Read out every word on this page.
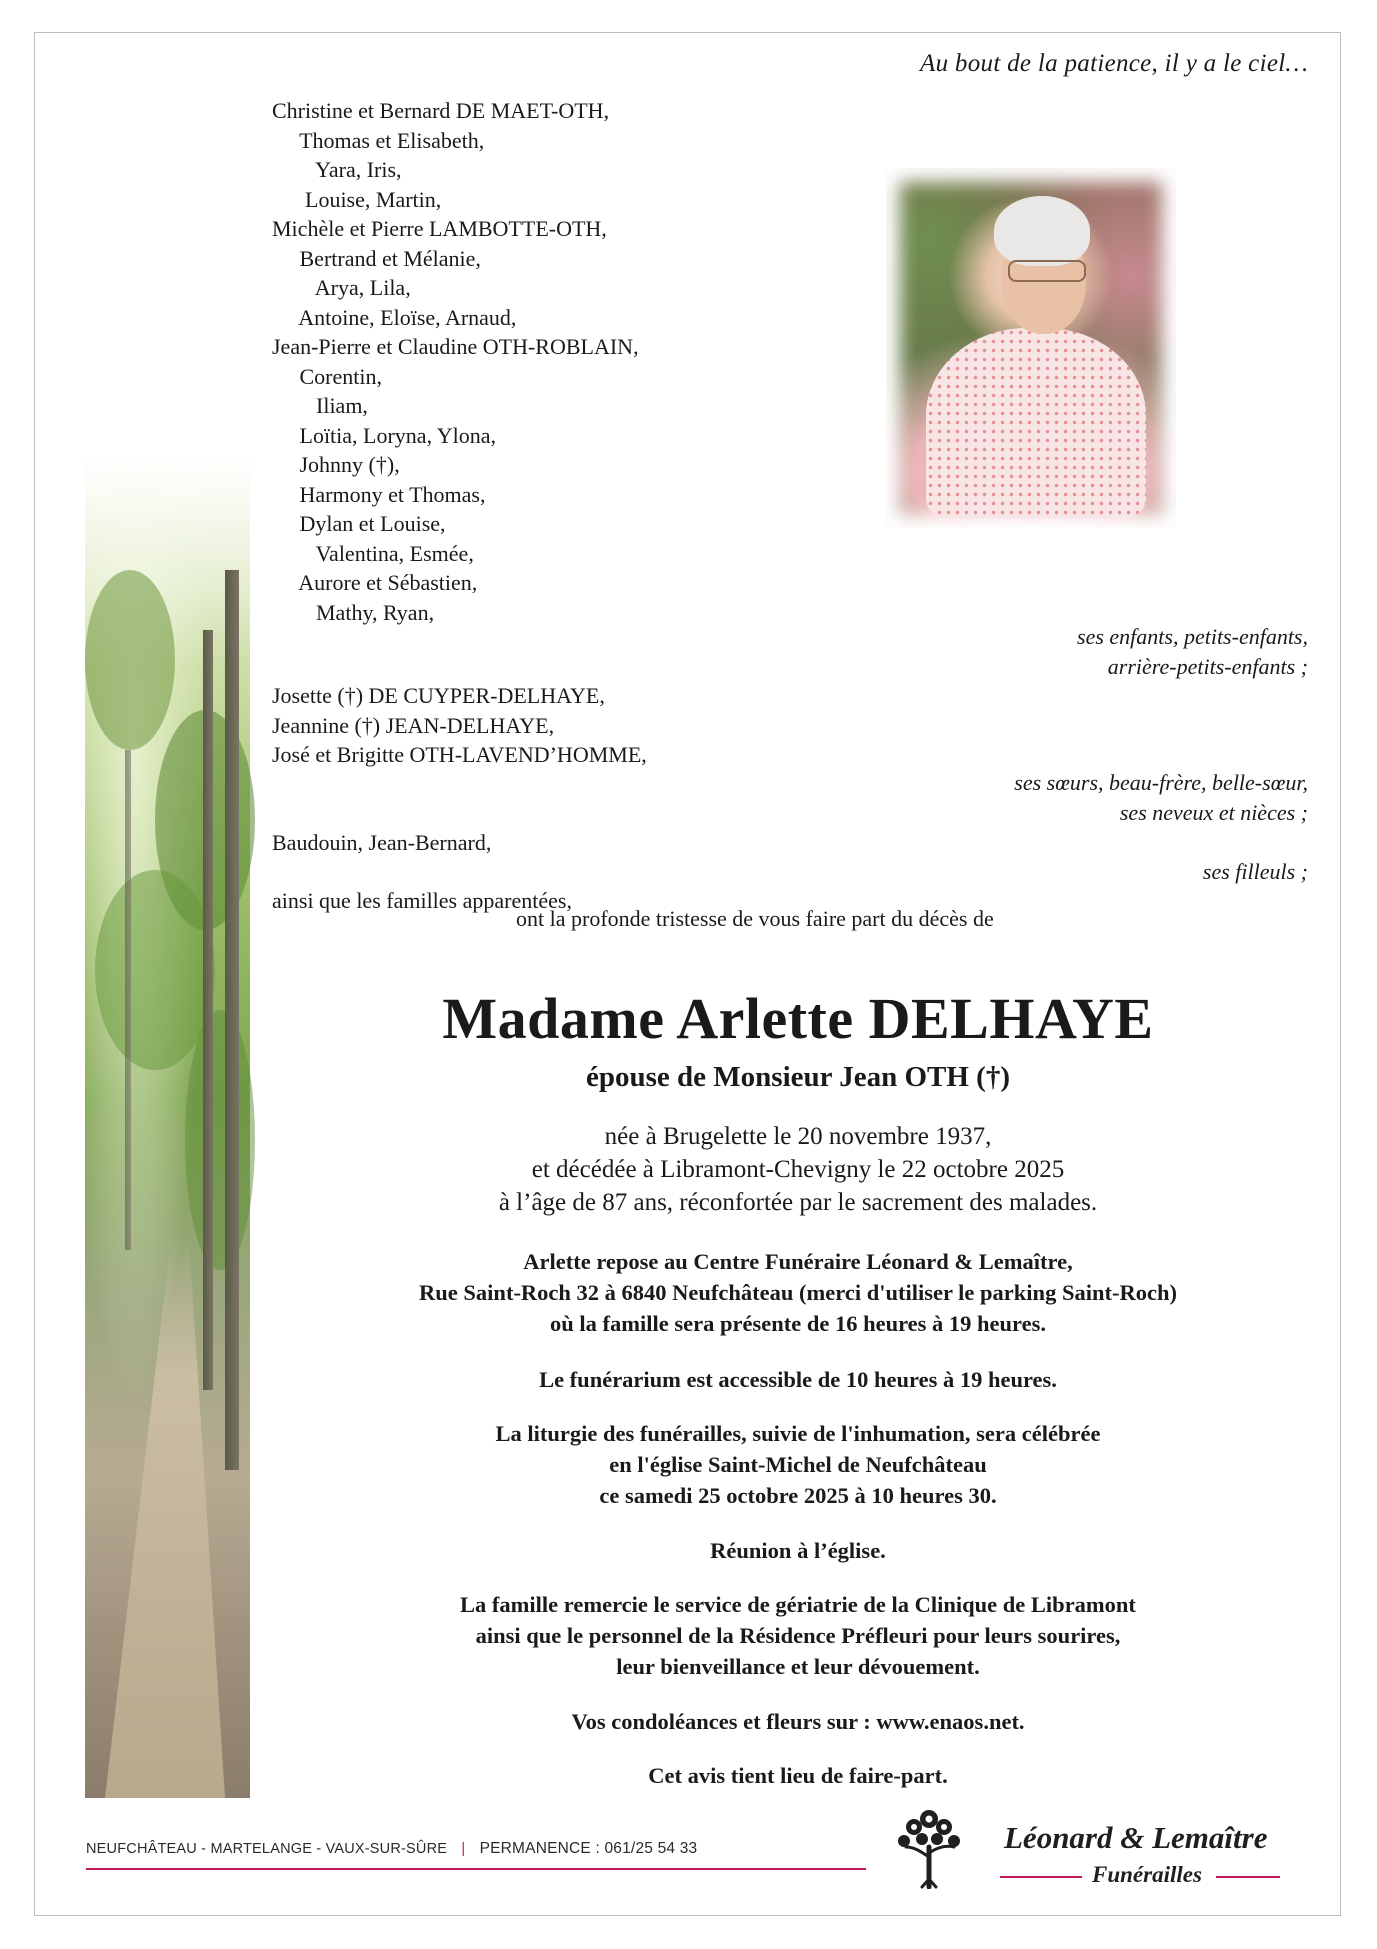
Au bout de la patience, il y a le ciel…
Christine et Bernard DE MAET-OTH,
Thomas et Elisabeth,
Yara, Iris,
Louise, Martin,
Michèle et Pierre LAMBOTTE-OTH,
Bertrand et Mélanie,
Arya, Lila,
Antoine, Eloïse, Arnaud,
Jean-Pierre et Claudine OTH-ROBLAIN,
Corentin,
Iliam,
Loïtia, Loryna, Ylona,
Johnny (†),
Harmony et Thomas,
Dylan et Louise,
Valentina, Esmée,
Aurore et Sébastien,
Mathy, Ryan,
ses enfants, petits-enfants,
arrière-petits-enfants ;
Josette (†) DE CUYPER-DELHAYE,
Jeannine (†) JEAN-DELHAYE,
José et Brigitte OTH-LAVEND’HOMME,
ses sœurs, beau-frère, belle-sœur,
ses neveux et nièces ;
Baudouin, Jean-Bernard,
ses filleuls ;
ainsi que les familles apparentées,
ont la profonde tristesse de vous faire part du décès de
Madame Arlette DELHAYE
épouse de Monsieur Jean OTH (†)
née à Brugelette le 20 novembre 1937,
et décédée à Libramont-Chevigny le 22 octobre 2025
à l’âge de 87 ans, réconfortée par le sacrement des malades.
Arlette repose au Centre Funéraire Léonard & Lemaître,
Rue Saint-Roch 32 à 6840 Neufchâteau (merci d'utiliser le parking Saint-Roch)
où la famille sera présente de 16 heures à 19 heures.
Le funérarium est accessible de 10 heures à 19 heures.
La liturgie des funérailles, suivie de l'inhumation, sera célébrée
en l'église Saint-Michel de Neufchâteau
ce samedi 25 octobre 2025 à 10 heures 30.
Réunion à l’église.
La famille remercie le service de gériatrie de la Clinique de Libramont
ainsi que le personnel de la Résidence Préfleuri pour leurs sourires,
leur bienveillance et leur dévouement.
Vos condoléances et fleurs sur : www.enaos.net.
Cet avis tient lieu de faire-part.
NEUFCHÂTEAU - MARTELANGE - VAUX-SUR-SÛRE | PERMANENCE : 061/25 54 33	Léonard & Lemaître
Funérailles
